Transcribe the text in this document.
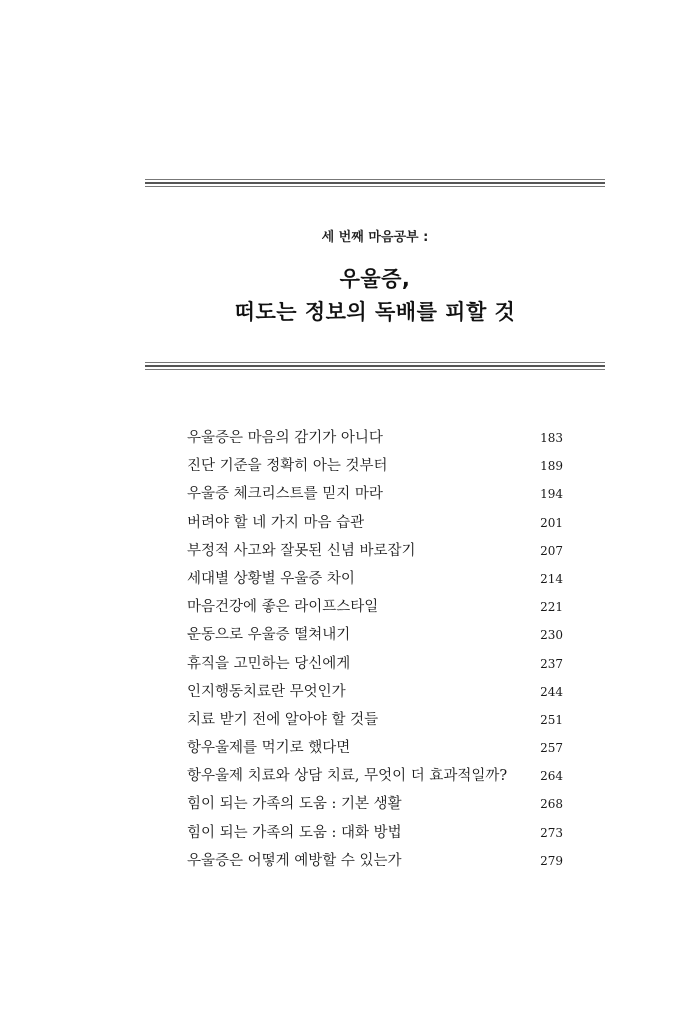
세 번째 마음공부 :
우울증,
떠도는 정보의 독배를 피할 것
우울증은 마음의 감기가 아니다	183
진단 기준을 정확히 아는 것부터	189
우울증 체크리스트를 믿지 마라	194
버려야 할 네 가지 마음 습관	201
부정적 사고와 잘못된 신념 바로잡기	207
세대별 상황별 우울증 차이	214
마음건강에 좋은 라이프스타일	221
운동으로 우울증 떨쳐내기	230
휴직을 고민하는 당신에게	237
인지행동치료란 무엇인가	244
치료 받기 전에 알아야 할 것들	251
항우울제를 먹기로 했다면	257
항우울제 치료와 상담 치료, 무엇이 더 효과적일까?	264
힘이 되는 가족의 도움 : 기본 생활	268
힘이 되는 가족의 도움 : 대화 방법	273
우울증은 어떻게 예방할 수 있는가	279
